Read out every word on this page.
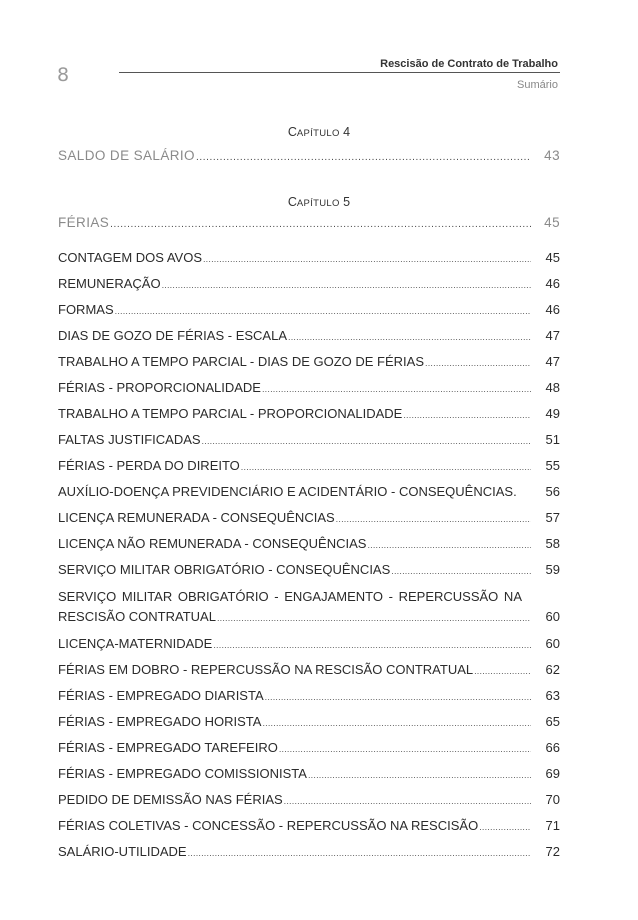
8	Rescisão de Contrato de Trabalho
Sumário
CAPÍTULO 4
SALDO DE SALÁRIO .....	43
CAPÍTULO 5
FÉRIAS .....	45
CONTAGEM DOS AVOS .....	45
REMUNERAÇÃO .....	46
FORMAS .....	46
DIAS DE GOZO DE FÉRIAS - ESCALA .....	47
TRABALHO A TEMPO PARCIAL - DIAS DE GOZO DE FÉRIAS .....	47
FÉRIAS - PROPORCIONALIDADE .....	48
TRABALHO A TEMPO PARCIAL - PROPORCIONALIDADE .....	49
FALTAS JUSTIFICADAS .....	51
FÉRIAS - PERDA DO DIREITO .....	55
AUXÍLIO-DOENÇA PREVIDENCIÁRIO E ACIDENTÁRIO - CONSEQUÊNCIAS.	56
LICENÇA REMUNERADA - CONSEQUÊNCIAS .....	57
LICENÇA NÃO REMUNERADA - CONSEQUÊNCIAS .....	58
SERVIÇO MILITAR OBRIGATÓRIO - CONSEQUÊNCIAS .....	59
SERVIÇO MILITAR OBRIGATÓRIO - ENGAJAMENTO - REPERCUSSÃO NA
RESCISÃO CONTRATUAL .....	60
LICENÇA-MATERNIDADE .....	60
FÉRIAS EM DOBRO - REPERCUSSÃO NA RESCISÃO CONTRATUAL .....	62
FÉRIAS - EMPREGADO DIARISTA .....	63
FÉRIAS - EMPREGADO HORISTA .....	65
FÉRIAS - EMPREGADO TAREFEIRO .....	66
FÉRIAS - EMPREGADO COMISSIONISTA .....	69
PEDIDO DE DEMISSÃO NAS FÉRIAS .....	70
FÉRIAS COLETIVAS - CONCESSÃO - REPERCUSSÃO NA RESCISÃO .....	71
SALÁRIO-UTILIDADE .....	72
